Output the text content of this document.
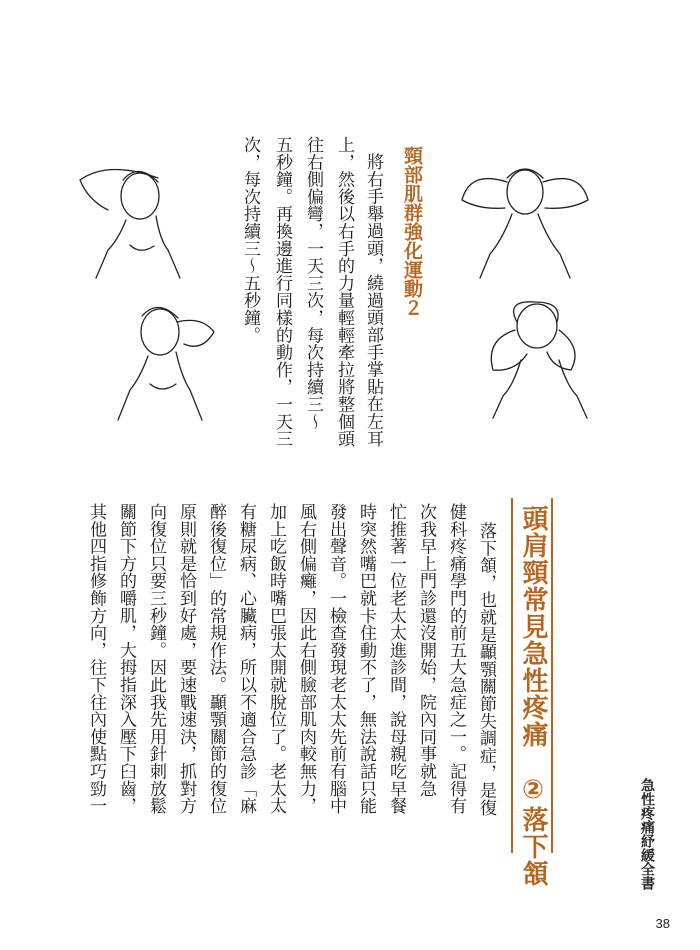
頸部肌群強化運動２
將右手舉過頭，繞過頭部手掌貼在左耳
上，然後以右手的力量輕輕牽拉將整個頭
往右側偏彎，一天三次，每次持續三～
五秒鐘。再換邊進行同樣的動作，一天三
次，每次持續三～五秒鐘。
頭肩頸常見急性疼痛　②落下頷
落下頷，也就是顳顎關節失調症，是復
健科疼痛學門的前五大急症之一。記得有
次我早上門診還沒開始，院內同事就急
忙推著一位老太太進診間，說母親吃早餐
時突然嘴巴就卡住動不了，無法說話只能
發出聲音。一檢查發現老太太先前有腦中
風右側偏癱，因此右側臉部肌肉較無力，
加上吃飯時嘴巴張太開就脫位了。老太太
有糖尿病、心臟病，所以不適合急診「麻
醉後復位」的常規作法。顳顎關節的復位
原則就是恰到好處，要速戰速決，抓對方
向復位只要三秒鐘。因此我先用針刺放鬆
關節下方的嚼肌，大拇指深入壓下臼齒，
其他四指修飾方向，往下往內使點巧勁一
急性疼痛紓緩全書
38
